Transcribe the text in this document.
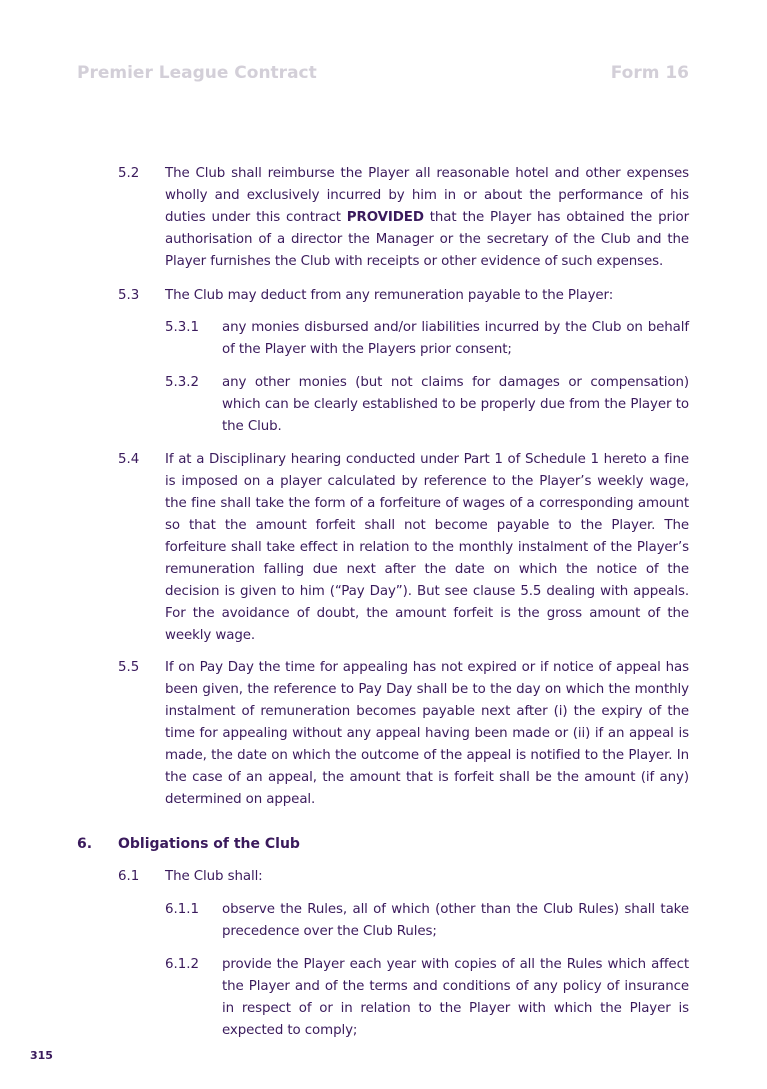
Premier League Contract	Form 16
5.2 The Club shall reimburse the Player all reasonable hotel and other expenses wholly and exclusively incurred by him in or about the performance of his duties under this contract PROVIDED that the Player has obtained the prior authorisation of a director the Manager or the secretary of the Club and the Player furnishes the Club with receipts or other evidence of such expenses.
5.3 The Club may deduct from any remuneration payable to the Player:
5.3.1 any monies disbursed and/or liabilities incurred by the Club on behalf of the Player with the Players prior consent;
5.3.2 any other monies (but not claims for damages or compensation) which can be clearly established to be properly due from the Player to the Club.
5.4 If at a Disciplinary hearing conducted under Part 1 of Schedule 1 hereto a fine is imposed on a player calculated by reference to the Player’s weekly wage, the fine shall take the form of a forfeiture of wages of a corresponding amount so that the amount forfeit shall not become payable to the Player. The forfeiture shall take effect in relation to the monthly instalment of the Player’s remuneration falling due next after the date on which the notice of the decision is given to him (“Pay Day”). But see clause 5.5 dealing with appeals. For the avoidance of doubt, the amount forfeit is the gross amount of the weekly wage.
5.5 If on Pay Day the time for appealing has not expired or if notice of appeal has been given, the reference to Pay Day shall be to the day on which the monthly instalment of remuneration becomes payable next after (i) the expiry of the time for appealing without any appeal having been made or (ii) if an appeal is made, the date on which the outcome of the appeal is notified to the Player. In the case of an appeal, the amount that is forfeit shall be the amount (if any) determined on appeal.
6. Obligations of the Club
6.1 The Club shall:
6.1.1 observe the Rules, all of which (other than the Club Rules) shall take precedence over the Club Rules;
6.1.2 provide the Player each year with copies of all the Rules which affect the Player and of the terms and conditions of any policy of insurance in respect of or in relation to the Player with which the Player is expected to comply;
315
